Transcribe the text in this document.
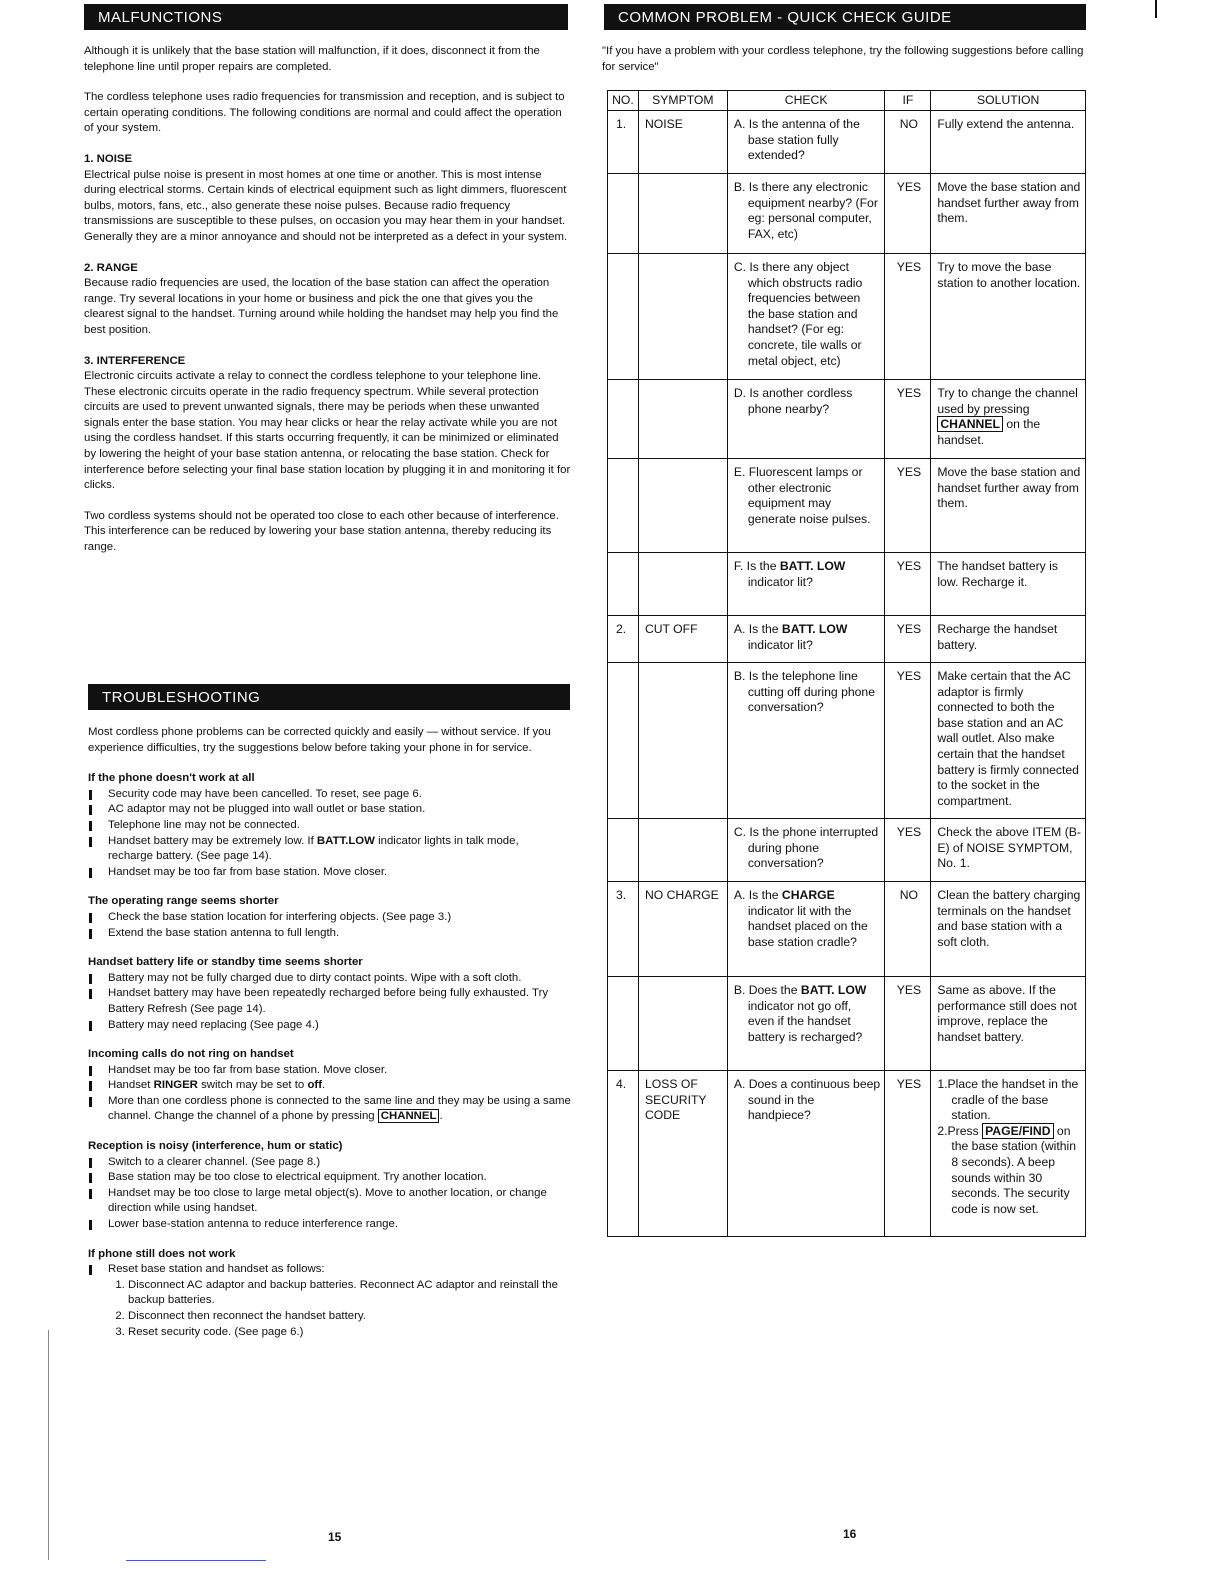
MALFUNCTIONS

Although it is unlikely that the base station will malfunction, if it does, disconnect it from the telephone line until proper repairs are completed.

The cordless telephone uses radio frequencies for transmission and reception, and is subject to certain operating conditions. The following conditions are normal and could affect the operation of your system.

1. NOISE

Electrical pulse noise is present in most homes at one time or another. This is most intense during electrical storms. Certain kinds of electrical equipment such as light dimmers, fluorescent bulbs, motors, fans, etc., also generate these noise pulses. Because radio frequency transmissions are susceptible to these pulses, on occasion you may hear them in your handset. Generally they are a minor annoyance and should not be interpreted as a defect in your system.

2. RANGE

Because radio frequencies are used, the location of the base station can affect the operation range. Try several locations in your home or business and pick the one that gives you the clearest signal to the handset. Turning around while holding the handset may help you find the best position.

3. INTERFERENCE

Electronic circuits activate a relay to connect the cordless telephone to your telephone line. These electronic circuits operate in the radio frequency spectrum. While several protection circuits are used to prevent unwanted signals, there may be periods when these unwanted signals enter the base station. You may hear clicks or hear the relay activate while you are not using the cordless handset. If this starts occurring frequently, it can be minimized or eliminated by lowering the height of your base station antenna, or relocating the base station. Check for interference before selecting your final base station location by plugging it in and monitoring it for clicks.

Two cordless systems should not be operated too close to each other because of interference. This interference can be reduced by lowering your base station antenna, thereby reducing its range.

TROUBLESHOOTING

Most cordless phone problems can be corrected quickly and easily — without service. If you experience difficulties, try the suggestions below before taking your phone in for service.

If the phone doesn't work at all
Security code may have been cancelled. To reset, see page 6.
AC adaptor may not be plugged into wall outlet or base station.
Telephone line may not be connected.
Handset battery may be extremely low. If BATT.LOW indicator lights in talk mode,
recharge battery. (See page 14).
Handset may be too far from base station. Move closer.
The operating range seems shorter
Check the base station location for interfering objects. (See page 3.)
Extend the base station antenna to full length.
Handset battery life or standby time seems shorter
Battery may not be fully charged due to dirty contact points. Wipe with a soft cloth.
Handset battery may have been repeatedly recharged before being fully exhausted. Try Battery Refresh (See page 14).
Battery may need replacing (See page 4.)
Incoming calls do not ring on handset
Handset may be too far from base station. Move closer.
Handset RINGER switch may be set to off.
More than one cordless phone is connected to the same line and they may be using a same channel. Change the channel of a phone by pressing CHANNEL .
Reception is noisy (interference, hum or static)
Switch to a clearer channel. (See page 8.)
Base station may be too close to electrical equipment. Try another location.
Handset may be too close to large metal object(s). Move to another location, or change direction while using handset.
Lower base-station antenna to reduce interference range.
If phone still does not work
Reset base station and handset as follows:
1. Disconnect AC adaptor and backup batteries. Reconnect AC adaptor and reinstall the backup batteries.
2. Disconnect then reconnect the handset battery.
3. Reset security code. (See page 6.)
COMMON PROBLEM - QUICK CHECK GUIDE
"If you have a problem with your cordless telephone, try the following suggestions before calling for service"
NO.	SYMPTOM	CHECK	IF	SOLUTION
1.	NOISE	A. Is the antenna of the base station fully extended?	NO	Fully extend the antenna.

		B. Is there any electronic equipment nearby? (For eg: personal computer, FAX, etc)	YES	Move the base station and handset further away from them.

		C. Is there any object which obstructs radio frequencies between the base station and handset? (For eg: concrete, tile walls or metal object, etc)	YES	Try to move the base station to another location.

		D. Is another cordless phone nearby?	YES	Try to change the channel used by pressing CHANNEL on the handset.

		E. Fluorescent lamps or other electronic equipment may generate noise pulses.	YES	Move the base station and handset further away from them.

		F. Is the BATT. LOW indicator lit?	YES	The handset battery is low. Recharge it.
2.	CUT OFF	A. Is the BATT. LOW indicator lit?	YES	Recharge the handset battery.

		B. Is the telephone line cutting off during phone conversation?	YES	Make certain that the AC adaptor is firmly connected to both the base station and an AC wall outlet. Also make certain that the handset battery is firmly connected to the socket in the compartment.

		C. Is the phone interrupted during phone conversation?	YES	Check the above ITEM (B-E) of NOISE SYMPTOM, No. 1.
3.	NO CHARGE	A. Is the CHARGE indicator lit with the handset placed on the base station cradle?	NO	Clean the battery charging terminals on the handset and base station with a soft cloth.

		B. Does the BATT. LOW indicator not go off, even if the handset battery is recharged?	YES	Same as above. If the performance still does not improve, replace the handset battery.
4.	LOSS OF SECURITY CODE	A. Does a continuous beep sound in the handpiece?	YES	1.Place the handset in the cradle of the base station.
2.Press PAGE/FIND on the base station (within 8 seconds). A beep sounds within 30 seconds. The security code is now set.
15	16
